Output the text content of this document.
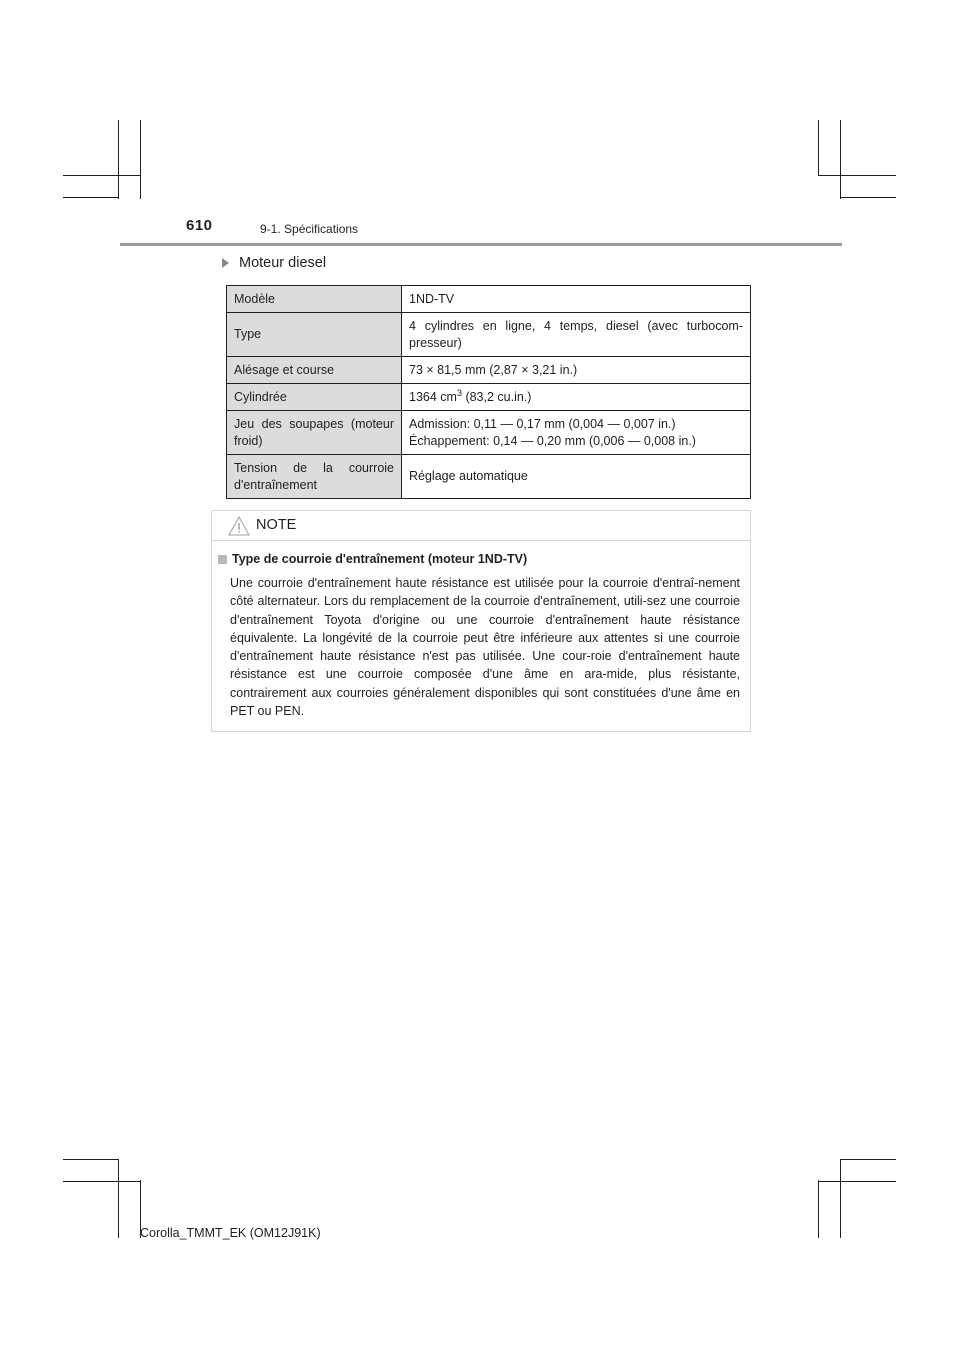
610	9-1. Spécifications
Moteur diesel
Modèle	1ND-TV
Type	4 cylindres en ligne, 4 temps, diesel (avec turbocom-presseur)
Alésage et course	73 × 81,5 mm (2,87 × 3,21 in.)
Cylindrée	1364 $cm^3$ (83,2 cu.in.)
Jeu des soupapes (moteur froid)	Admission: 0,11 — 0,17 mm (0,004 — 0,007 in.)
Échappement: 0,14 — 0,20 mm (0,006 — 0,008 in.)

Tension de la courroie d'entraînement	Réglage automatique
NOTE
Type de courroie d'entraînement (moteur 1ND-TV)
Une courroie d'entraînement haute résistance est utilisée pour la courroie d'entraî-nement côté alternateur. Lors du remplacement de la courroie d'entraînement, utili-sez une courroie d'entraînement Toyota d'origine ou une courroie d'entraînement haute résistance équivalente. La longévité de la courroie peut être inférieure aux attentes si une courroie d'entraînement haute résistance n'est pas utilisée. Une cour-roie d'entraînement haute résistance est une courroie composée d'une âme en ara-mide, plus résistante, contrairement aux courroies généralement disponibles qui sont constituées d'une âme en PET ou PEN.
Corolla_TMMT_EK (OM12J91K)
